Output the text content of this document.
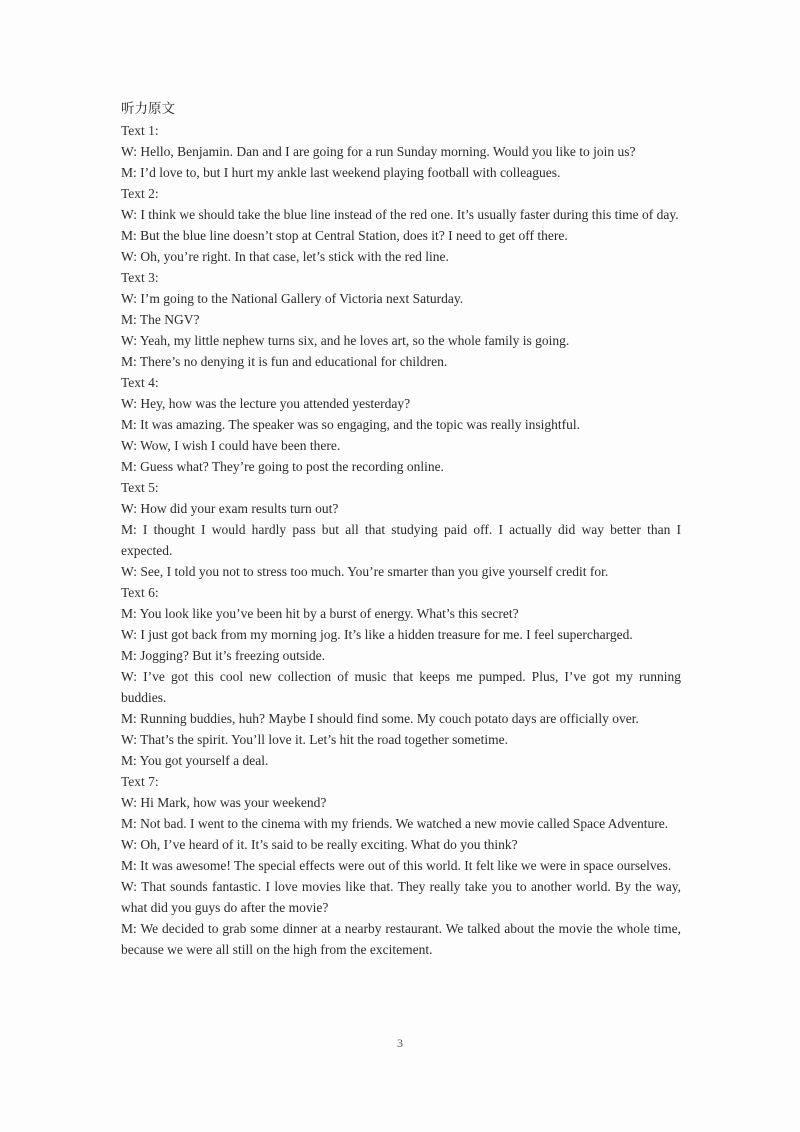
听力原文

Text 1:

W: Hello, Benjamin. Dan and I are going for a run Sunday morning. Would you like to join us?

M: I’d love to, but I hurt my ankle last weekend playing football with colleagues.

Text 2:

W: I think we should take the blue line instead of the red one. It’s usually faster during this time of day.

M: But the blue line doesn’t stop at Central Station, does it? I need to get off there.

W: Oh, you’re right. In that case, let’s stick with the red line.

Text 3:

W: I’m going to the National Gallery of Victoria next Saturday.

M: The NGV?

W: Yeah, my little nephew turns six, and he loves art, so the whole family is going.

M: There’s no denying it is fun and educational for children.

Text 4:

W: Hey, how was the lecture you attended yesterday?

M: It was amazing. The speaker was so engaging, and the topic was really insightful.

W: Wow, I wish I could have been there.

M: Guess what? They’re going to post the recording online.

Text 5:

W: How did your exam results turn out?

M: I thought I would hardly pass but all that studying paid off. I actually did way better than I expected.

W: See, I told you not to stress too much. You’re smarter than you give yourself credit for.

Text 6:

M: You look like you’ve been hit by a burst of energy. What’s this secret?

W: I just got back from my morning jog. It’s like a hidden treasure for me. I feel supercharged.

M: Jogging? But it’s freezing outside.

W: I’ve got this cool new collection of music that keeps me pumped. Plus, I’ve got my running buddies.

M: Running buddies, huh? Maybe I should find some. My couch potato days are officially over.

W: That’s the spirit. You’ll love it. Let’s hit the road together sometime.

M: You got yourself a deal.

Text 7:

W: Hi Mark, how was your weekend?

M: Not bad. I went to the cinema with my friends. We watched a new movie called Space Adventure.

W: Oh, I’ve heard of it. It’s said to be really exciting. What do you think?

M: It was awesome! The special effects were out of this world. It felt like we were in space ourselves.

W: That sounds fantastic. I love movies like that. They really take you to another world. By the way, what did you guys do after the movie?

M: We decided to grab some dinner at a nearby restaurant. We talked about the movie the whole time, because we were all still on the high from the excitement.

3
